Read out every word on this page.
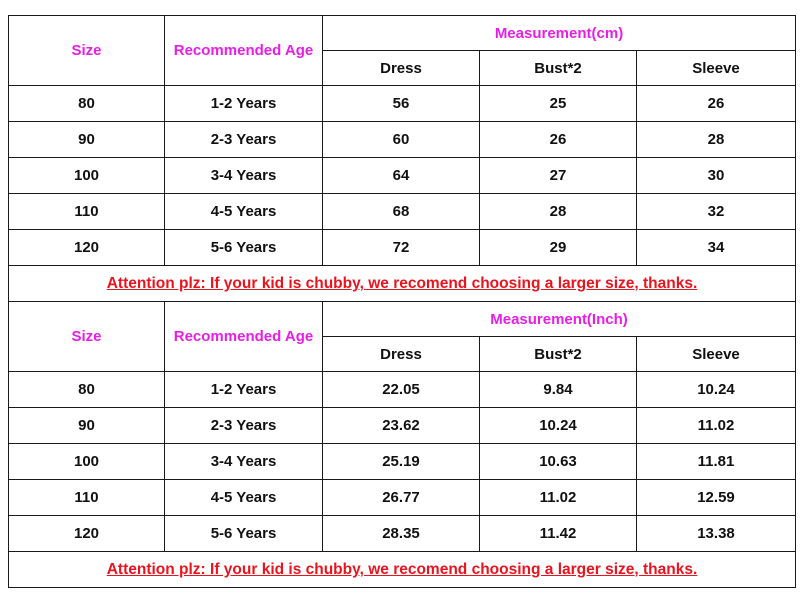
Size	Recommended Age	Measurement(cm)		
		Dress	Bust*2	Sleeve
80	1-2 Years	56	25	26
90	2-3 Years	60	26	28
100	3-4 Years	64	27	30
110	4-5 Years	68	28	32
120	5-6 Years	72	29	34
Attention plz: If your kid is chubby, we recomend choosing a larger size, thanks.				
Size	Recommended Age	Measurement(Inch)		
		Dress	Bust*2	Sleeve
80	1-2 Years	22.05	9.84	10.24
90	2-3 Years	23.62	10.24	11.02
100	3-4 Years	25.19	10.63	11.81
110	4-5 Years	26.77	11.02	12.59
120	5-6 Years	28.35	11.42	13.38
Attention plz: If your kid is chubby, we recomend choosing a larger size, thanks.				
